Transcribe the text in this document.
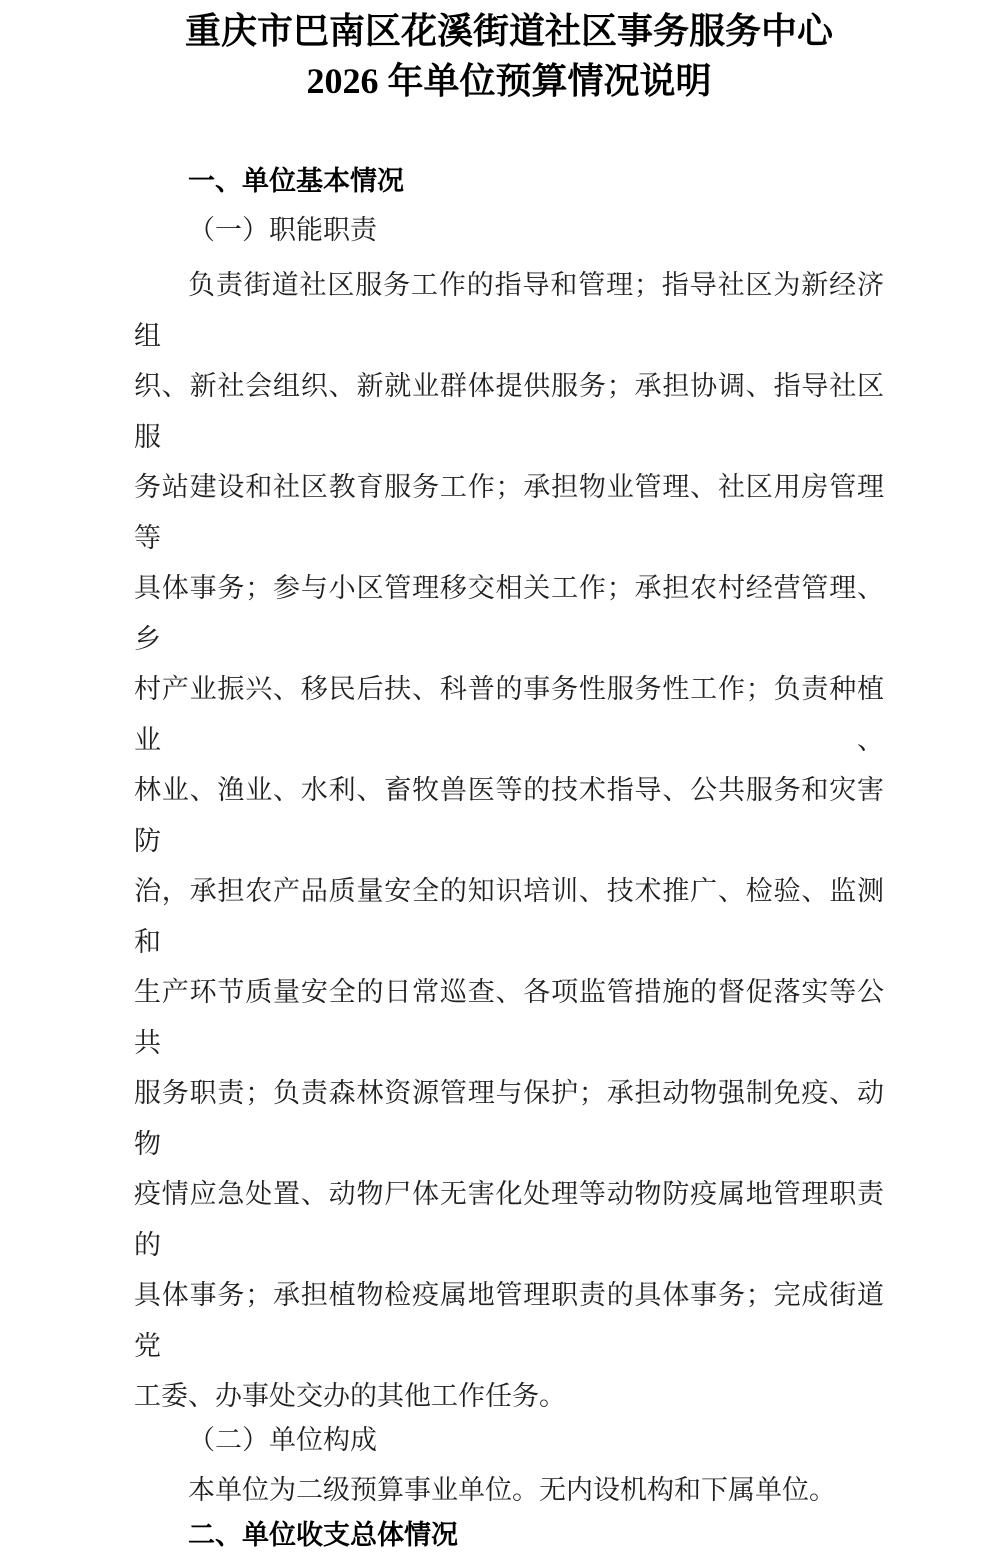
重庆市巴南区花溪街道社区事务服务中心
2026 年单位预算情况说明
一、单位基本情况
（一）职能职责
负责街道社区服务工作的指导和管理；指导社区为新经济组
织、新社会组织、新就业群体提供服务；承担协调、指导社区服
务站建设和社区教育服务工作；承担物业管理、社区用房管理等
具体事务；参与小区管理移交相关工作；承担农村经营管理、乡
村产业振兴、移民后扶、科普的事务性服务性工作；负责种植业、
林业、渔业、水利、畜牧兽医等的技术指导、公共服务和灾害防
治，承担农产品质量安全的知识培训、技术推广、检验、监测和
生产环节质量安全的日常巡查、各项监管措施的督促落实等公共
服务职责；负责森林资源管理与保护；承担动物强制免疫、动物
疫情应急处置、动物尸体无害化处理等动物防疫属地管理职责的
具体事务；承担植物检疫属地管理职责的具体事务；完成街道党
工委、办事处交办的其他工作任务。
（二）单位构成
本单位为二级预算事业单位。无内设机构和下属单位。
二、单位收支总体情况
